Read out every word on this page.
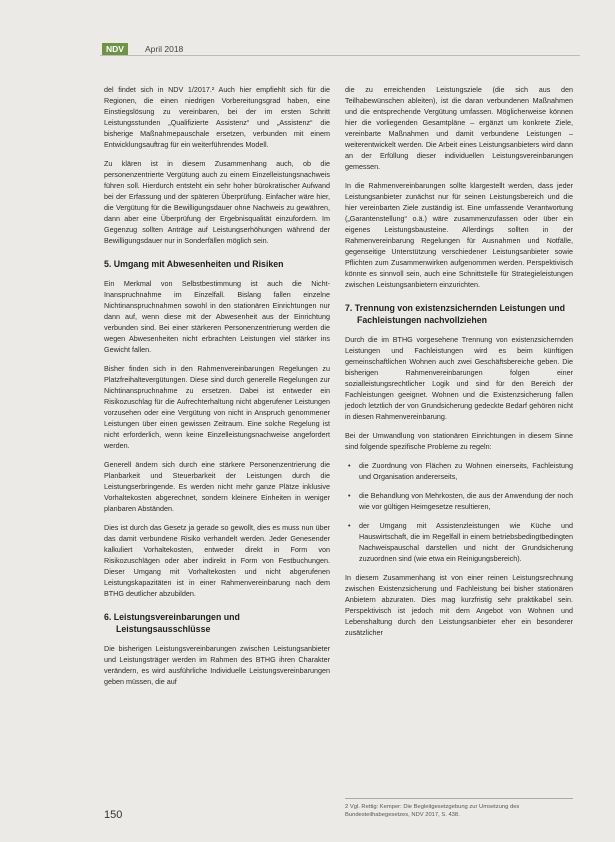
NDV	April 2018

del findet sich in NDV 1/2017.² Auch hier empfiehlt sich für die Regionen, die einen niedrigen Vorbereitungsgrad haben, eine Einstiegslösung zu vereinbaren, bei der im ersten Schritt Leistungsstunden „Qualifizierte Assistenz“ und „Assistenz“ die bisherige Maßnahmepauschale ersetzen, verbunden mit einem Entwicklungsauftrag für ein weiterführendes Modell.

Zu klären ist in diesem Zusammenhang auch, ob die personenzentrierte Vergütung auch zu einem Einzelleistungsnachweis führen soll. Hierdurch entsteht ein sehr hoher bürokratischer Aufwand bei der Erfassung und der späteren Überprüfung. Einfacher wäre hier, die Vergütung für die Bewilligungsdauer ohne Nachweis zu gewähren, dann aber eine Überprüfung der Ergebnisqualität einzufordern. Im Gegenzug sollten Anträge auf Leistungserhöhungen während der Bewilligungsdauer nur in Sonderfällen möglich sein.

5. Umgang mit Abwesenheiten und Risiken

Ein Merkmal von Selbstbestimmung ist auch die Nicht-Inanspruchnahme im Einzelfall. Bislang fallen einzelne Nichtinanspruchnahmen sowohl in den stationären Einrichtungen nur dann auf, wenn diese mit der Abwesenheit aus der Einrichtung verbunden sind. Bei einer stärkeren Personenzentrierung werden die wegen Abwesenheiten nicht erbrachten Leistungen viel stärker ins Gewicht fallen.

Bisher finden sich in den Rahmenvereinbarungen Regelungen zu Platzfreihaltevergütungen. Diese sind durch generelle Regelungen zur Nichtinanspruchnahme zu ersetzen. Dabei ist entweder ein Risikozuschlag für die Aufrechterhaltung nicht abgerufener Leistungen vorzusehen oder eine Vergütung von nicht in Anspruch genommener Leistungen über einen gewissen Zeitraum. Eine solche Regelung ist nicht erforderlich, wenn keine Einzelleistungsnachweise angefordert werden.

Generell ändern sich durch eine stärkere Personenzentrierung die Planbarkeit und Steuerbarkeit der Leistungen durch die Leistungserbringende. Es werden nicht mehr ganze Plätze inklusive Vorhaltekosten abgerechnet, sondern kleinere Einheiten in weniger planbaren Abständen.

Dies ist durch das Gesetz ja gerade so gewollt, dies es muss nun über das damit verbundene Risiko verhandelt werden. Jeder Genesender kalkuliert Vorhaltekosten, entweder direkt in Form von Risikozuschlägen oder aber indirekt in Form von Festbuchungen. Dieser Umgang mit Vorhaltekosten und nicht abgerufenen Leistungskapazitäten ist in einer Rahmenvereinbarung nach dem BTHG deutlicher abzubilden.

6. Leistungsvereinbarungen und Leistungsausschlüsse

Die bisherigen Leistungsvereinbarungen zwischen Leistungsanbieter und Leistungsträger werden im Rahmen des BTHG ihren Charakter verändern, es wird ausführliche Individuelle Leistungsvereinbarungen geben müssen, die auf

die zu erreichenden Leistungsziele (die sich aus den Teilhabewünschen ableiten), ist die daran verbundenen Maßnahmen und die entsprechende Vergütung umfassen. Möglicherweise können hier die vorliegenden Gesamtpläne – ergänzt um konkrete Ziele, vereinbarte Maßnahmen und damit verbundene Leistungen – weiterentwickelt werden. Die Arbeit eines Leistungsanbieters wird dann an der Erfüllung dieser individuellen Leistungsvereinbarungen gemessen.

In die Rahmenvereinbarungen sollte klargestellt werden, dass jeder Leistungsanbieter zunächst nur für seinen Leistungsbereich und die hier vereinbarten Ziele zuständig ist. Eine umfassende Verantwortung („Garantenstellung“ o.ä.) wäre zusammenzufassen oder über ein eigenes Leistungsbausteine. Allerdings sollten in der Rahmenvereinbarung Regelungen für Ausnahmen und Notfälle, gegenseitige Unterstützung verschiedener Leistungsanbieter sowie Pflichten zum Zusammenwirken aufgenommen werden. Perspektivisch könnte es sinnvoll sein, auch eine Schnittstelle für Strategieleistungen zwischen Leistungsanbietern einzurichten.

7. Trennung von existenzsichernden Leistungen und Fachleistungen nachvollziehen

Durch die im BTHG vorgesehene Trennung von existenzsichernden Leistungen und Fachleistungen wird es beim künftigen gemeinschaftlichen Wohnen auch zwei Geschäftsbereiche geben. Die bisherigen Rahmenvereinbarungen folgen einer sozialleistungsrechtlicher Logik und sind für den Bereich der Fachleistungen geeignet. Wohnen und die Existenzsicherung fallen jedoch letztlich der von Grundsicherung gedeckte Bedarf gehören nicht in diesen Rahmenvereinbarung.

Bei der Umwandlung von stationären Einrichtungen in diesem Sinne sind folgende spezifische Probleme zu regeln:

• die Zuordnung von Flächen zu Wohnen einerseits, Fachleistung und Organisation andererseits,
• die Behandlung von Mehrkosten, die aus der Anwendung der noch wie vor gültigen Heimgesetze resultieren,
• der Umgang mit Assistenzleistungen wie Küche und Hauswirtschaft, die im Regelfall in einem betriebsbedingtbedingten Nachweispauschal darstellen und nicht der Grundsicherung zuzuordnen sind (wie etwa ein Reinigungsbereich).

In diesem Zusammenhang ist von einer reinen Leistungsrechnung zwischen Existenzsicherung und Fachleistung bei bisher stationären Anbietern abzuraten. Dies mag kurzfristig sehr praktikabel sein. Perspektivisch ist jedoch mit dem Angebot von Wohnen und Lebenshaltung durch den Leistungsanbieter eher ein besonderer zusätzlicher

2 Vgl. Rettig: Kemper: Die Begleitgesetzgebung zur Umsetzung des Bundesteilhabegesetzes, NDV 2017, S. 438.
150
